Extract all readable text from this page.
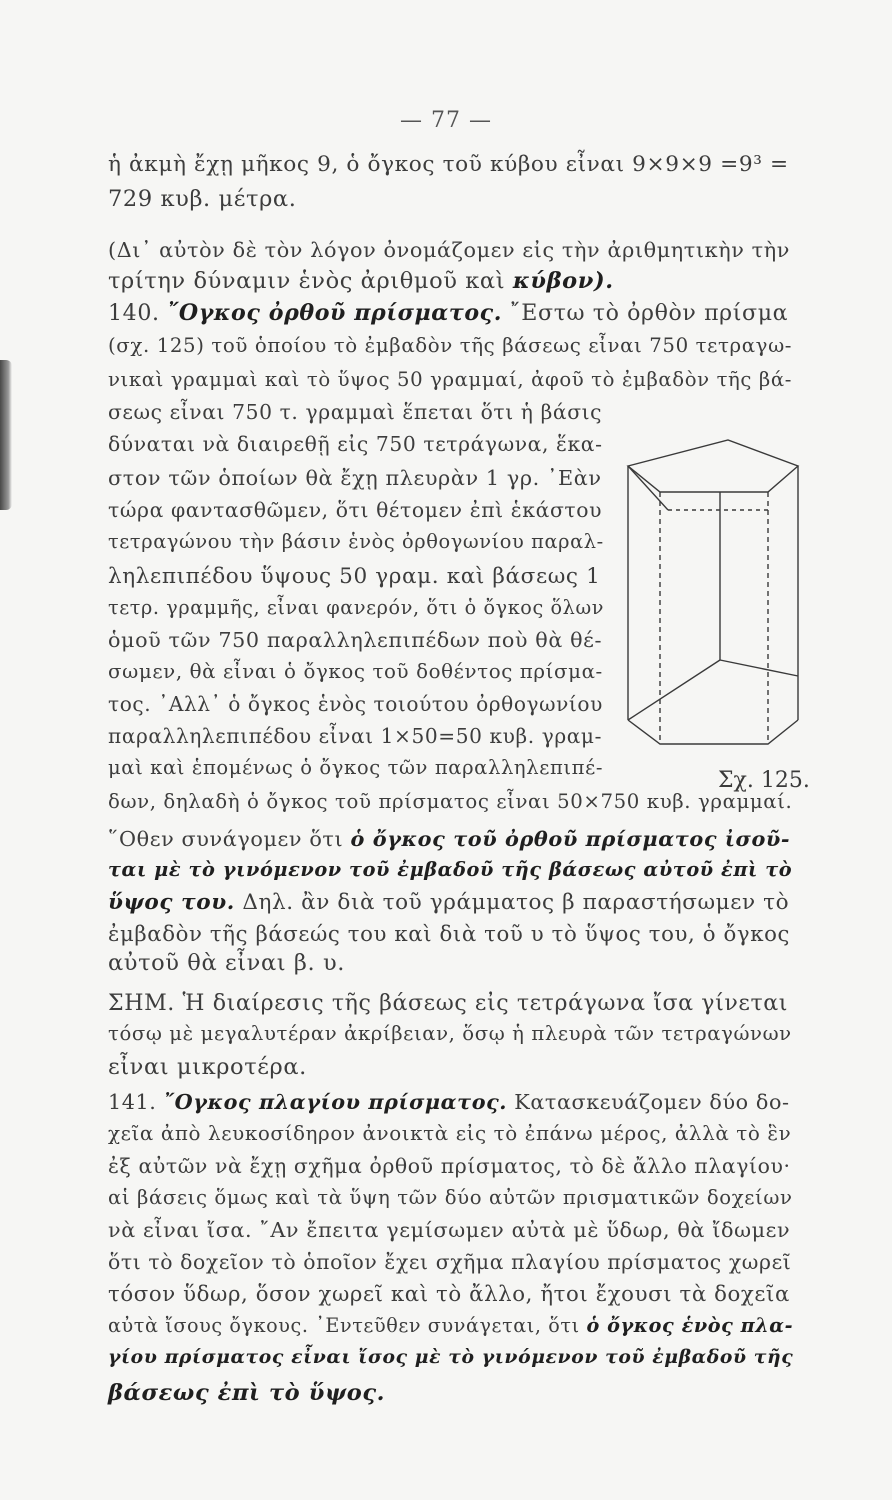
— 77 —
ἡ ἀκμὴ ἔχῃ μῆκος 9, ὁ ὄγκος τοῦ κύβου εἶναι 9×9×9 =9³ =
729 κυβ. μέτρα.
(Δι᾽ αὐτὸν δὲ τὸν λόγον ὀνομάζομεν εἰς τὴν ἀριθμητικὴν τὴν
τρίτην δύναμιν ἑνὸς ἀριθμοῦ καὶ κύβον).
140. ῎Ογκος ὀρθοῦ πρίσματος. ῎Εστω τὸ ὀρθὸν πρίσμα
(σχ. 125) τοῦ ὁποίου τὸ ἐμβαδὸν τῆς βάσεως εἶναι 750 τετραγω-
νικαὶ γραμμαὶ καὶ τὸ ὕψος 50 γραμμαί, ἀφοῦ τὸ ἐμβαδὸν τῆς βά-
σεως εἶναι 750 τ. γραμμαὶ ἕπεται ὅτι ἡ βάσις
δύναται νὰ διαιρεθῇ εἰς 750 τετράγωνα, ἕκα-
στον τῶν ὁποίων θὰ ἔχῃ πλευρὰν 1 γρ. ᾽Εὰν
τώρα φαντασθῶμεν, ὅτι θέτομεν ἐπὶ ἑκάστου
τετραγώνου τὴν βάσιν ἑνὸς ὀρθογωνίου παραλ-
ληλεπιπέδου ὕψους 50 γραμ. καὶ βάσεως 1
τετρ. γραμμῆς, εἶναι φανερόν, ὅτι ὁ ὄγκος ὅλων
ὁμοῦ τῶν 750 παραλληλεπιπέδων ποὺ θὰ θέ-
σωμεν, θὰ εἶναι ὁ ὄγκος τοῦ δοθέντος πρίσμα-
τος. ᾽Αλλ᾽ ὁ ὄγκος ἑνὸς τοιούτου ὀρθογωνίου
παραλληλεπιπέδου εἶναι 1×50=50 κυβ. γραμ-
μαὶ καὶ ἑπομένως ὁ ὄγκος τῶν παραλληλεπιπέ-
δων, δηλαδὴ ὁ ὄγκος τοῦ πρίσματος εἶναι 50×750 κυβ. γραμμαί.
῞Οθεν συνάγομεν ὅτι ὁ ὄγκος τοῦ ὀρθοῦ πρίσματος ἰσοῦ-
ται μὲ τὸ γινόμενον τοῦ ἐμβαδοῦ τῆς βάσεως αὐτοῦ ἐπὶ τὸ
ὕψος του. Δηλ. ἂν διὰ τοῦ γράμματος β παραστήσωμεν τὸ
ἐμβαδὸν τῆς βάσεώς του καὶ διὰ τοῦ υ τὸ ὕψος του, ὁ ὄγκος
αὐτοῦ θὰ εἶναι β. υ.
ΣΗΜ. Ἡ διαίρεσις τῆς βάσεως εἰς τετράγωνα ἴσα γίνεται
τόσῳ μὲ μεγαλυτέραν ἀκρίβειαν, ὅσῳ ἡ πλευρὰ τῶν τετραγώνων
εἶναι μικροτέρα.
141. ῎Ογκος πλαγίου πρίσματος. Κατασκευάζομεν δύο δο-
χεῖα ἀπὸ λευκοσίδηρον ἀνοικτὰ εἰς τὸ ἐπάνω μέρος, ἀλλὰ τὸ ἓν
ἐξ αὐτῶν νὰ ἔχῃ σχῆμα ὀρθοῦ πρίσματος, τὸ δὲ ἄλλο πλαγίου·
αἱ βάσεις ὅμως καὶ τὰ ὕψη τῶν δύο αὐτῶν πρισματικῶν δοχείων
νὰ εἶναι ἴσα. ῎Αν ἔπειτα γεμίσωμεν αὐτὰ μὲ ὕδωρ, θὰ ἴδωμεν
ὅτι τὸ δοχεῖον τὸ ὁποῖον ἔχει σχῆμα πλαγίου πρίσματος χωρεῖ
τόσον ὕδωρ, ὅσον χωρεῖ καὶ τὸ ἄλλο, ἤτοι ἔχουσι τὰ δοχεῖα
αὐτὰ ἴσους ὄγκους. ᾽Εντεῦθεν συνάγεται, ὅτι ὁ ὄγκος ἑνὸς πλα-
γίου πρίσματος εἶναι ἴσος μὲ τὸ γινόμενον τοῦ ἐμβαδοῦ τῆς
βάσεως ἐπὶ τὸ ὕψος.
Σχ. 125.
